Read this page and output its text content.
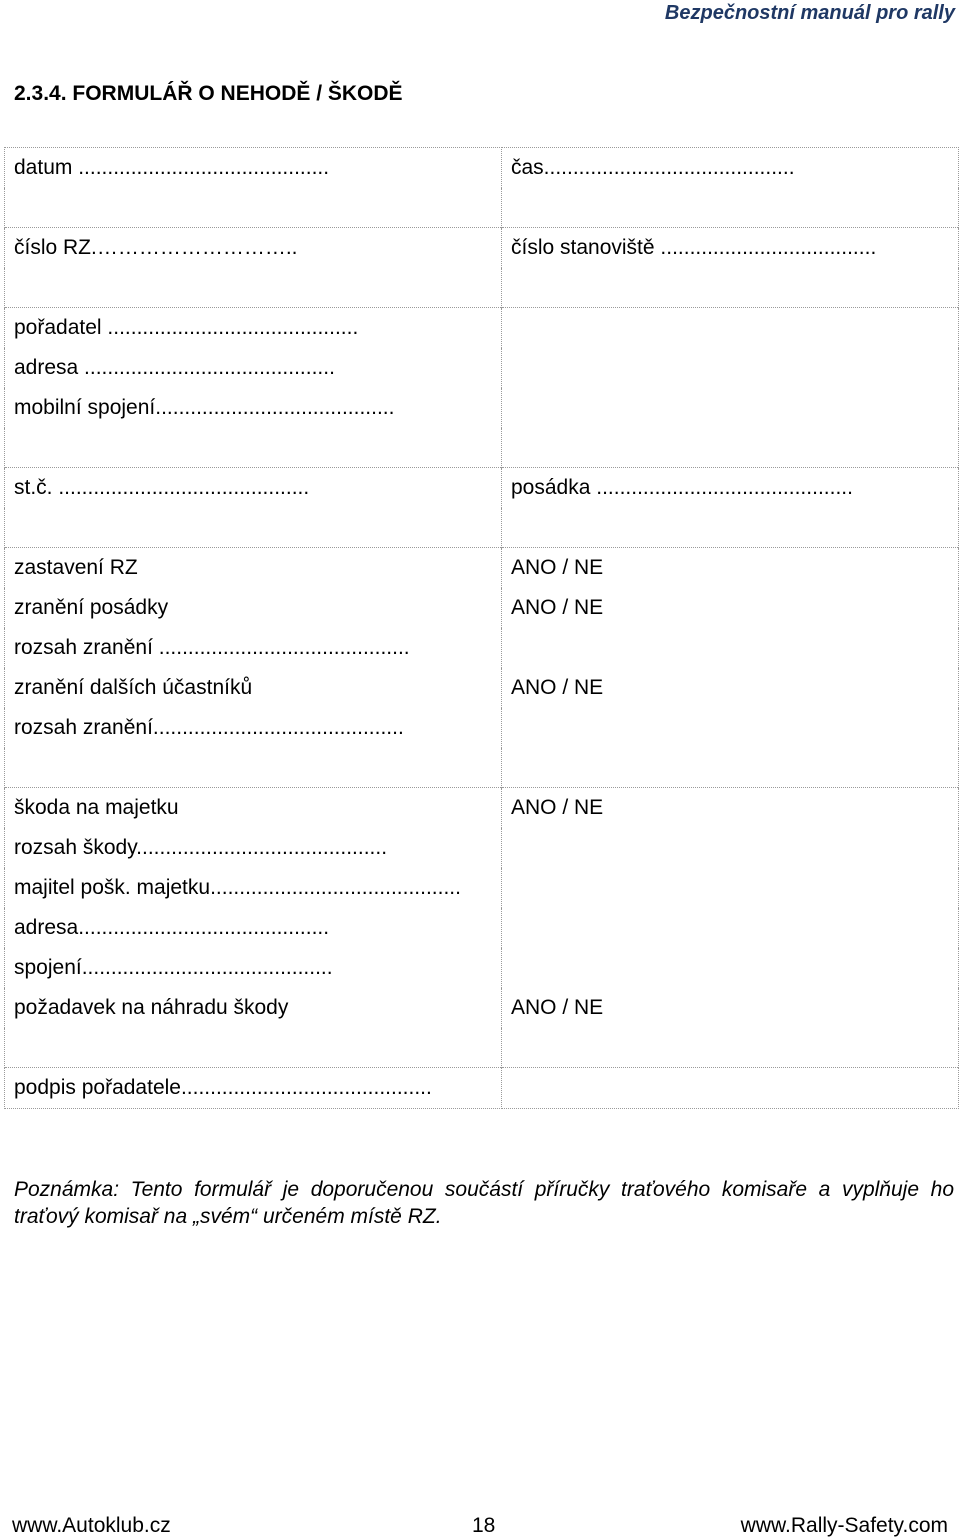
Bezpečnostní manuál pro rally
2.3.4. FORMULÁŘ O NEHODĚ / ŠKODĚ
datum ...........................................	čas...........................................

číslo RZ.………………………..	číslo stanoviště .....................................

pořadatel ...........................................	
adresa ...........................................	
mobilní spojení.........................................	

st.č. ...........................................	posádka ............................................

zastavení RZ	ANO / NE
zranění posádky	ANO / NE
rozsah zranění ...........................................	
zranění dalších účastníků	ANO / NE
rozsah zranění...........................................	

škoda na majetku	ANO / NE
rozsah škody...........................................	
majitel pošk. majetku...........................................	
adresa...........................................	
spojení...........................................	
požadavek na náhradu škody	ANO / NE

podpis pořadatele...........................................	
Poznámka: Tento formulář je doporučenou součástí příručky traťového komisaře a vyplňuje ho traťový komisař na „svém“ určeném místě RZ.
www.Autoklub.cz	18	www.Rally-Safety.com
